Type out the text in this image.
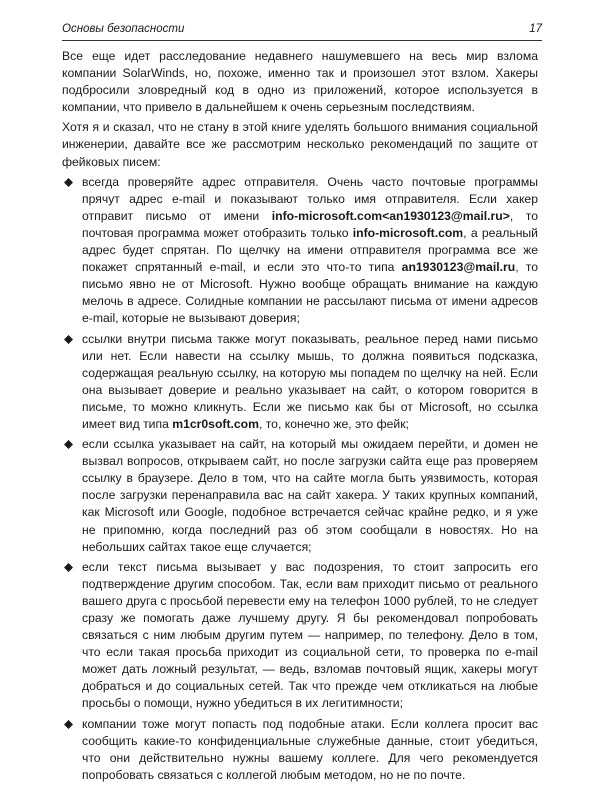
Основы безопасности	17

Все еще идет расследование недавнего нашумевшего на весь мир взлома компании SolarWinds, но, похоже, именно так и произошел этот взлом. Хакеры подбросили зловредный код в одно из приложений, которое используется в компании, что привело в дальнейшем к очень серьезным последствиям.

Хотя я и сказал, что не стану в этой книге уделять большого внимания социальной инженерии, давайте все же рассмотрим несколько рекомендаций по защите от фейковых писем:

всегда проверяйте адрес отправителя. Очень часто почтовые программы прячут адрес e-mail и показывают только имя отправителя. Если хакер отправит письмо от имени info-microsoft.com<an1930123@mail.ru>, то почтовая программа может отобразить только info-microsoft.com, а реальный адрес будет спрятан. По щелчку на имени отправителя программа все же покажет спрятанный e-mail, и если это что-то типа an1930123@mail.ru, то письмо явно не от Microsoft. Нужно вообще обращать внимание на каждую мелочь в адресе. Солидные компании не рассылают письма от имени адресов e-mail, которые не вызывают доверия;
ссылки внутри письма также могут показывать, реальное перед нами письмо или нет. Если навести на ссылку мышь, то должна появиться подсказка, содержащая реальную ссылку, на которую мы попадем по щелчку на ней. Если она вызывает доверие и реально указывает на сайт, о котором говорится в письме, то можно кликнуть. Если же письмо как бы от Microsoft, но ссылка имеет вид типа m1cr0soft.com, то, конечно же, это фейк;
если ссылка указывает на сайт, на который мы ожидаем перейти, и домен не вызвал вопросов, открываем сайт, но после загрузки сайта еще раз проверяем ссылку в браузере. Дело в том, что на сайте могла быть уязвимость, которая после загрузки перенаправила вас на сайт хакера. У таких крупных компаний, как Microsoft или Google, подобное встречается сейчас крайне редко, и я уже не припомню, когда последний раз об этом сообщали в новостях. Но на небольших сайтах такое еще случается;
если текст письма вызывает у вас подозрения, то стоит запросить его подтверждение другим способом. Так, если вам приходит письмо от реального вашего друга с просьбой перевести ему на телефон 1000 рублей, то не следует сразу же помогать даже лучшему другу. Я бы рекомендовал попробовать связаться с ним любым другим путем — например, по телефону. Дело в том, что если такая просьба приходит из социальной сети, то проверка по e-mail может дать ложный результат, — ведь, взломав почтовый ящик, хакеры могут добраться и до социальных сетей. Так что прежде чем откликаться на любые просьбы о помощи, нужно убедиться в их легитимности;
компании тоже могут попасть под подобные атаки. Если коллега просит вас сообщить какие-то конфиденциальные служебные данные, стоит убедиться, что они действительно нужны вашему коллеге. Для чего рекомендуется попробовать связаться с коллегой любым методом, но не по почте.
